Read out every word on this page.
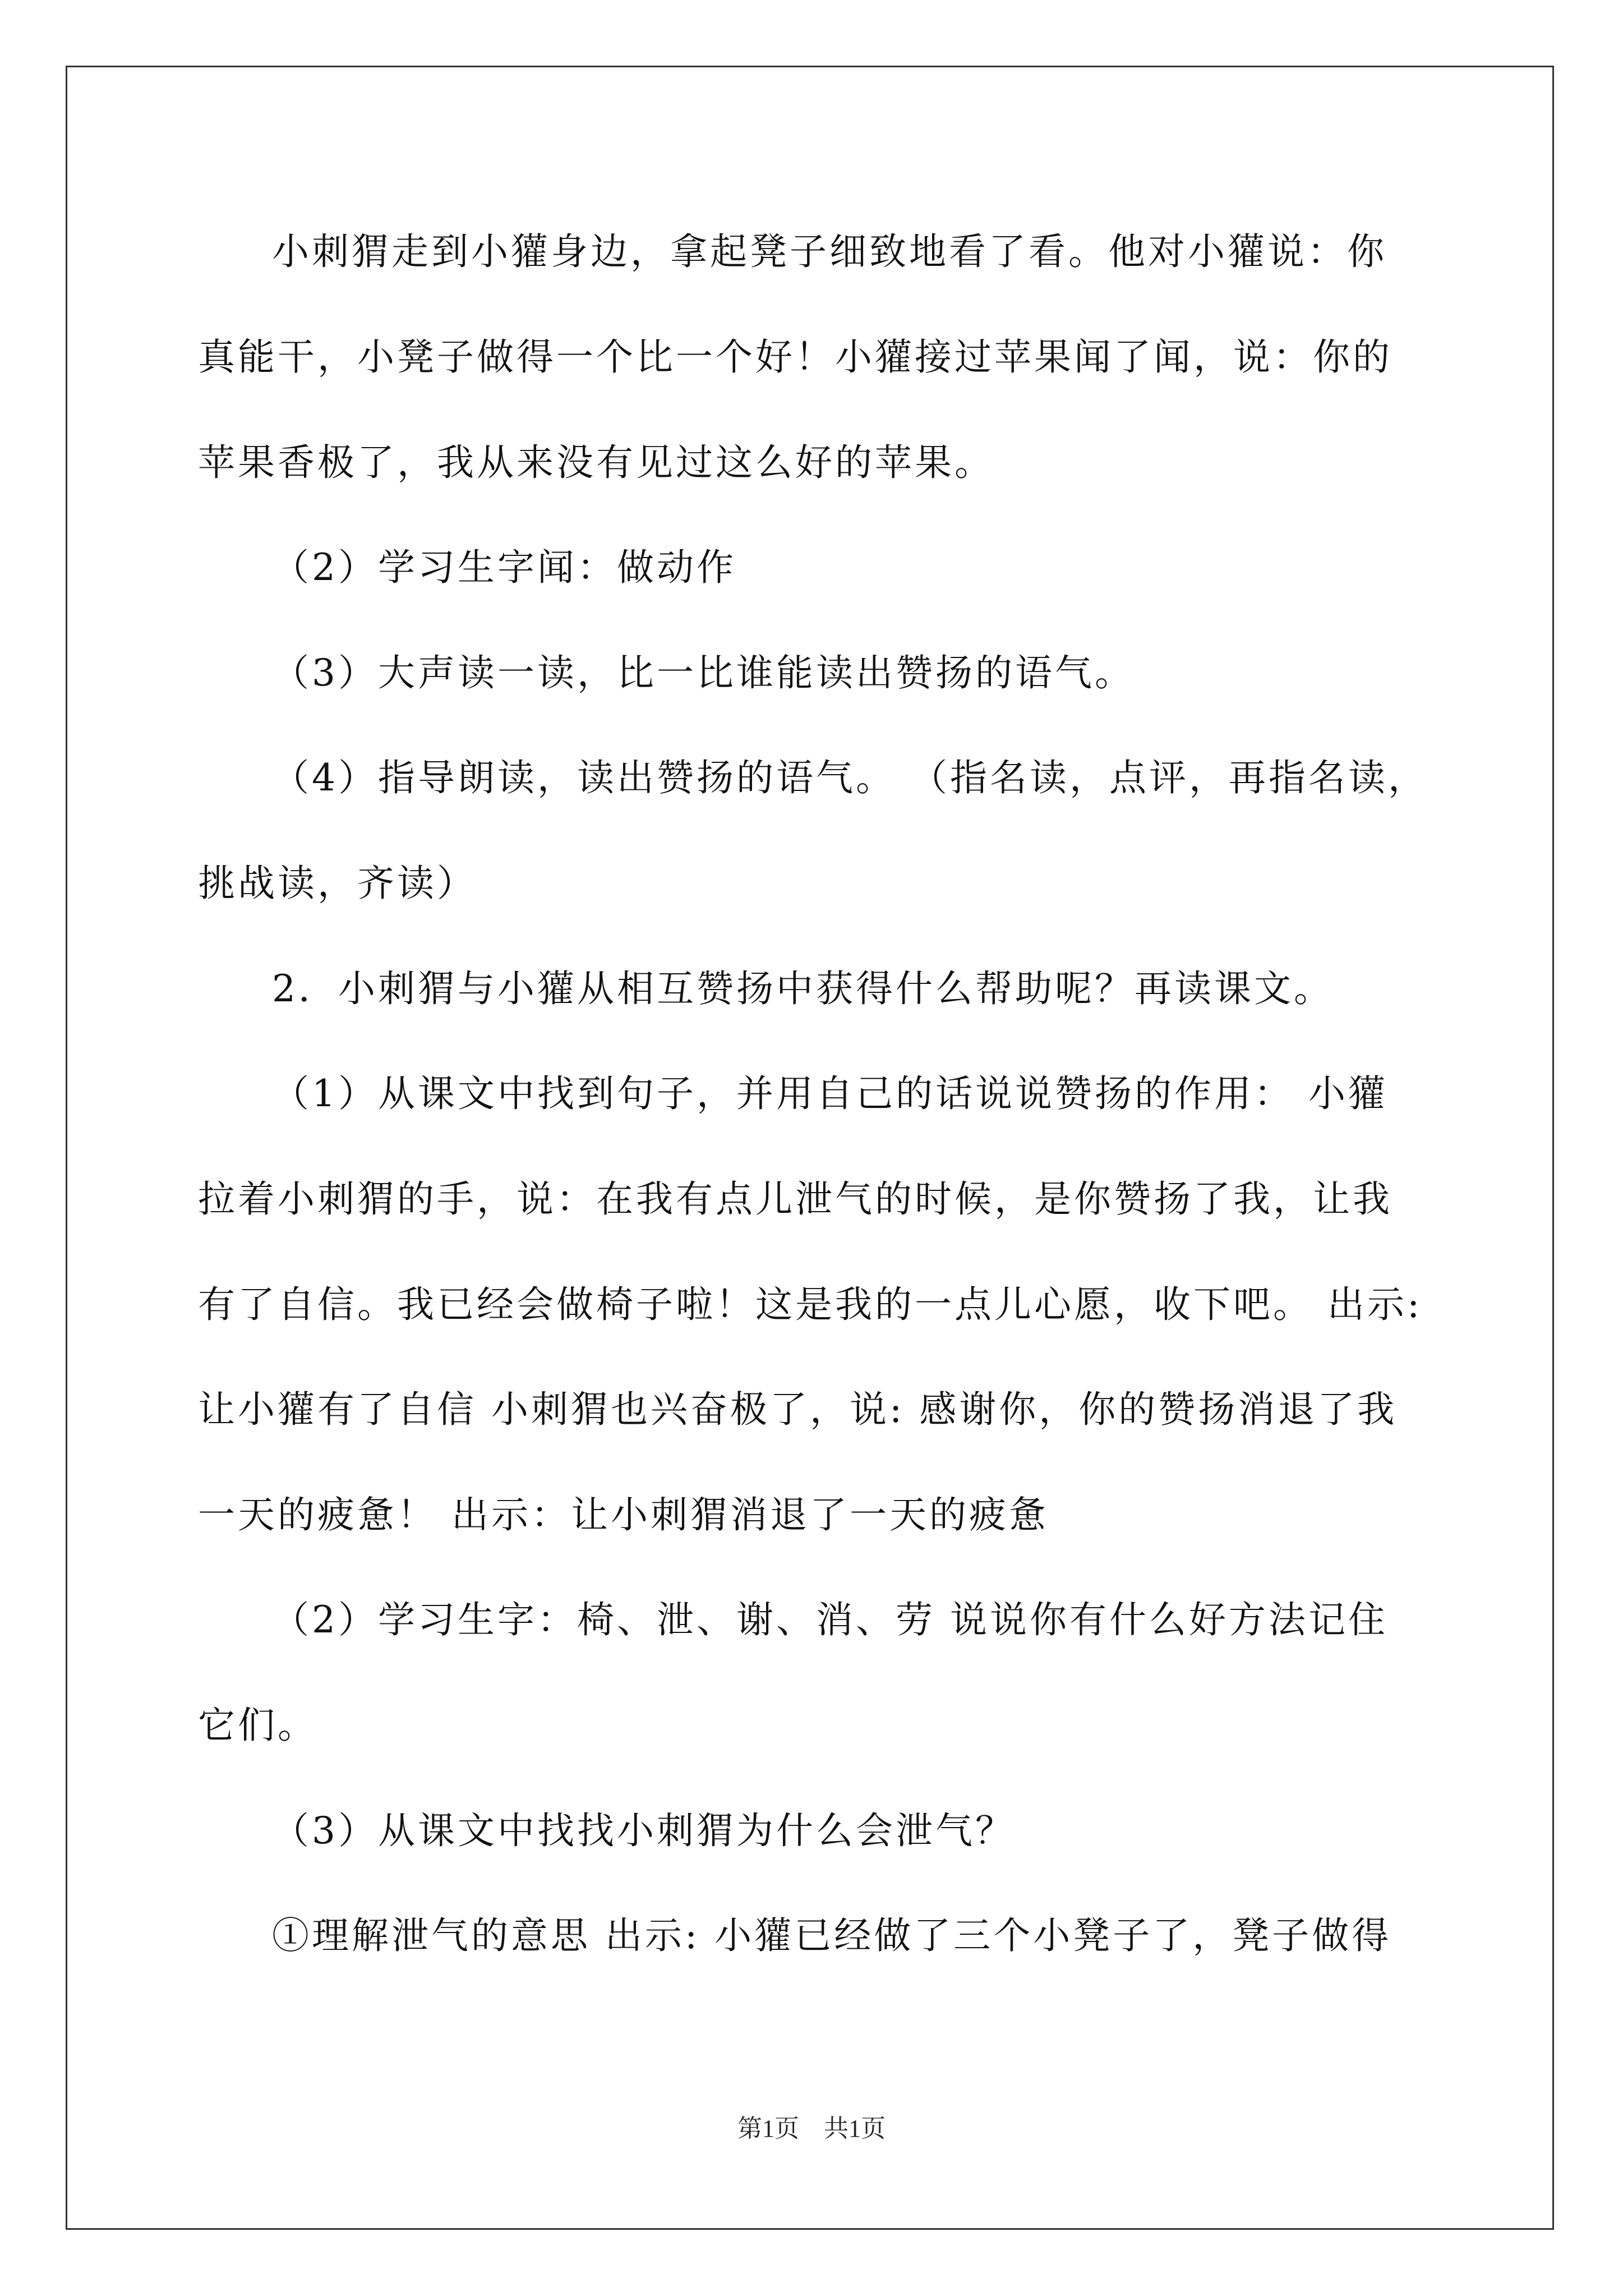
小刺猬走到小獾身边，拿起凳子细致地看了看。他对小獾说：你
真能干，小凳子做得一个比一个好！小獾接过苹果闻了闻，说：你的
苹果香极了，我从来没有见过这么好的苹果。
（2）学习生字闻：做动作
（3）大声读一读，比一比谁能读出赞扬的语气。
（4）指导朗读，读出赞扬的语气。 （指名读，点评，再指名读，
挑战读，齐读）
2．小刺猬与小獾从相互赞扬中获得什么帮助呢？再读课文。
（1）从课文中找到句子，并用自己的话说说赞扬的作用： 小獾
拉着小刺猬的手，说：在我有点儿泄气的时候，是你赞扬了我，让我
有了自信。我已经会做椅子啦！这是我的一点儿心愿，收下吧。 出示:
让小獾有了自信 小刺猬也兴奋极了，说: 感谢你，你的赞扬消退了我
一天的疲惫！ 出示：让小刺猬消退了一天的疲惫
（2）学习生字：椅、泄、谢、消、劳 说说你有什么好方法记住
它们。
（3）从课文中找找小刺猬为什么会泄气？
①理解泄气的意思 出示: 小獾已经做了三个小凳子了，凳子做得
第1页　共1页
